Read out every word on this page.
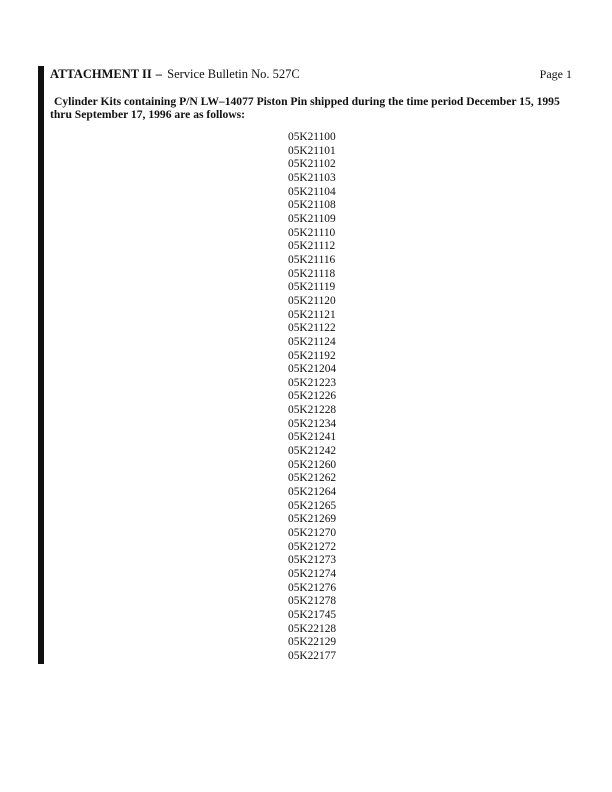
ATTACHMENT II – Service Bulletin No. 527C	Page 1
Cylinder Kits containing P/N LW–14077 Piston Pin shipped during the time period December 15, 1995
thru September 17, 1996 are as follows:
05K21100
05K21101
05K21102
05K21103
05K21104
05K21108
05K21109
05K21110
05K21112
05K21116
05K21118
05K21119
05K21120
05K21121
05K21122
05K21124
05K21192
05K21204
05K21223
05K21226
05K21228
05K21234
05K21241
05K21242
05K21260
05K21262
05K21264
05K21265
05K21269
05K21270
05K21272
05K21273
05K21274
05K21276
05K21278
05K21745
05K22128
05K22129
05K22177
